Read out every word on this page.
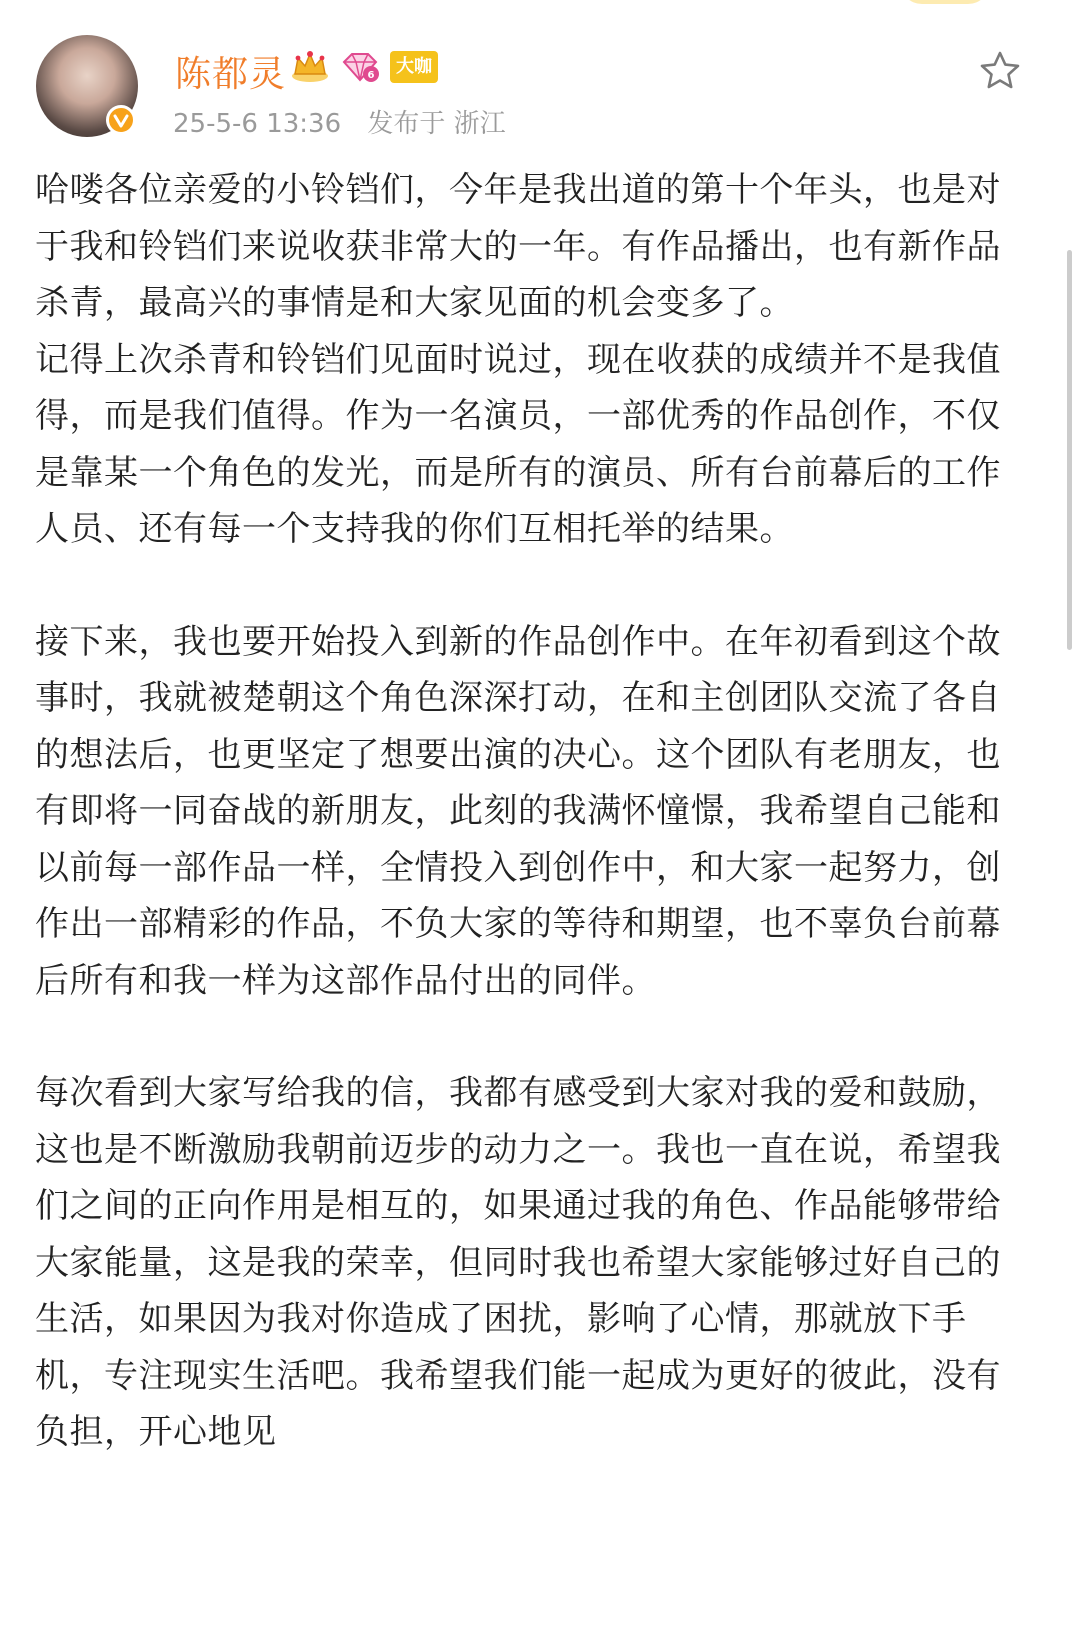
陈都灵	6	大咖
25-5-6 13:36 发布于 浙江

哈喽各位亲爱的小铃铛们，今年是我出道的第十个年头，也是对于我和铃铛们来说收获非常大的一年。有作品播出，也有新作品杀青，最高兴的事情是和大家见面的机会变多了。
记得上次杀青和铃铛们见面时说过，现在收获的成绩并不是我值得，而是我们值得。作为一名演员，一部优秀的作品创作，不仅是靠某一个角色的发光，而是所有的演员、所有台前幕后的工作人员、还有每一个支持我的你们互相托举的结果。

接下来，我也要开始投入到新的作品创作中。在年初看到这个故事时，我就被楚朝这个角色深深打动，在和主创团队交流了各自的想法后，也更坚定了想要出演的决心。这个团队有老朋友，也有即将一同奋战的新朋友，此刻的我满怀憧憬，我希望自己能和以前每一部作品一样，全情投入到创作中，和大家一起努力，创作出一部精彩的作品，不负大家的等待和期望，也不辜负台前幕后所有和我一样为这部作品付出的同伴。

每次看到大家写给我的信，我都有感受到大家对我的爱和鼓励，这也是不断激励我朝前迈步的动力之一。我也一直在说，希望我们之间的正向作用是相互的，如果通过我的角色、作品能够带给大家能量，这是我的荣幸，但同时我也希望大家能够过好自己的生活，如果因为我对你造成了困扰，影响了心情，那就放下手机，专注现实生活吧。我希望我们能一起成为更好的彼此，没有负担，开心地见
